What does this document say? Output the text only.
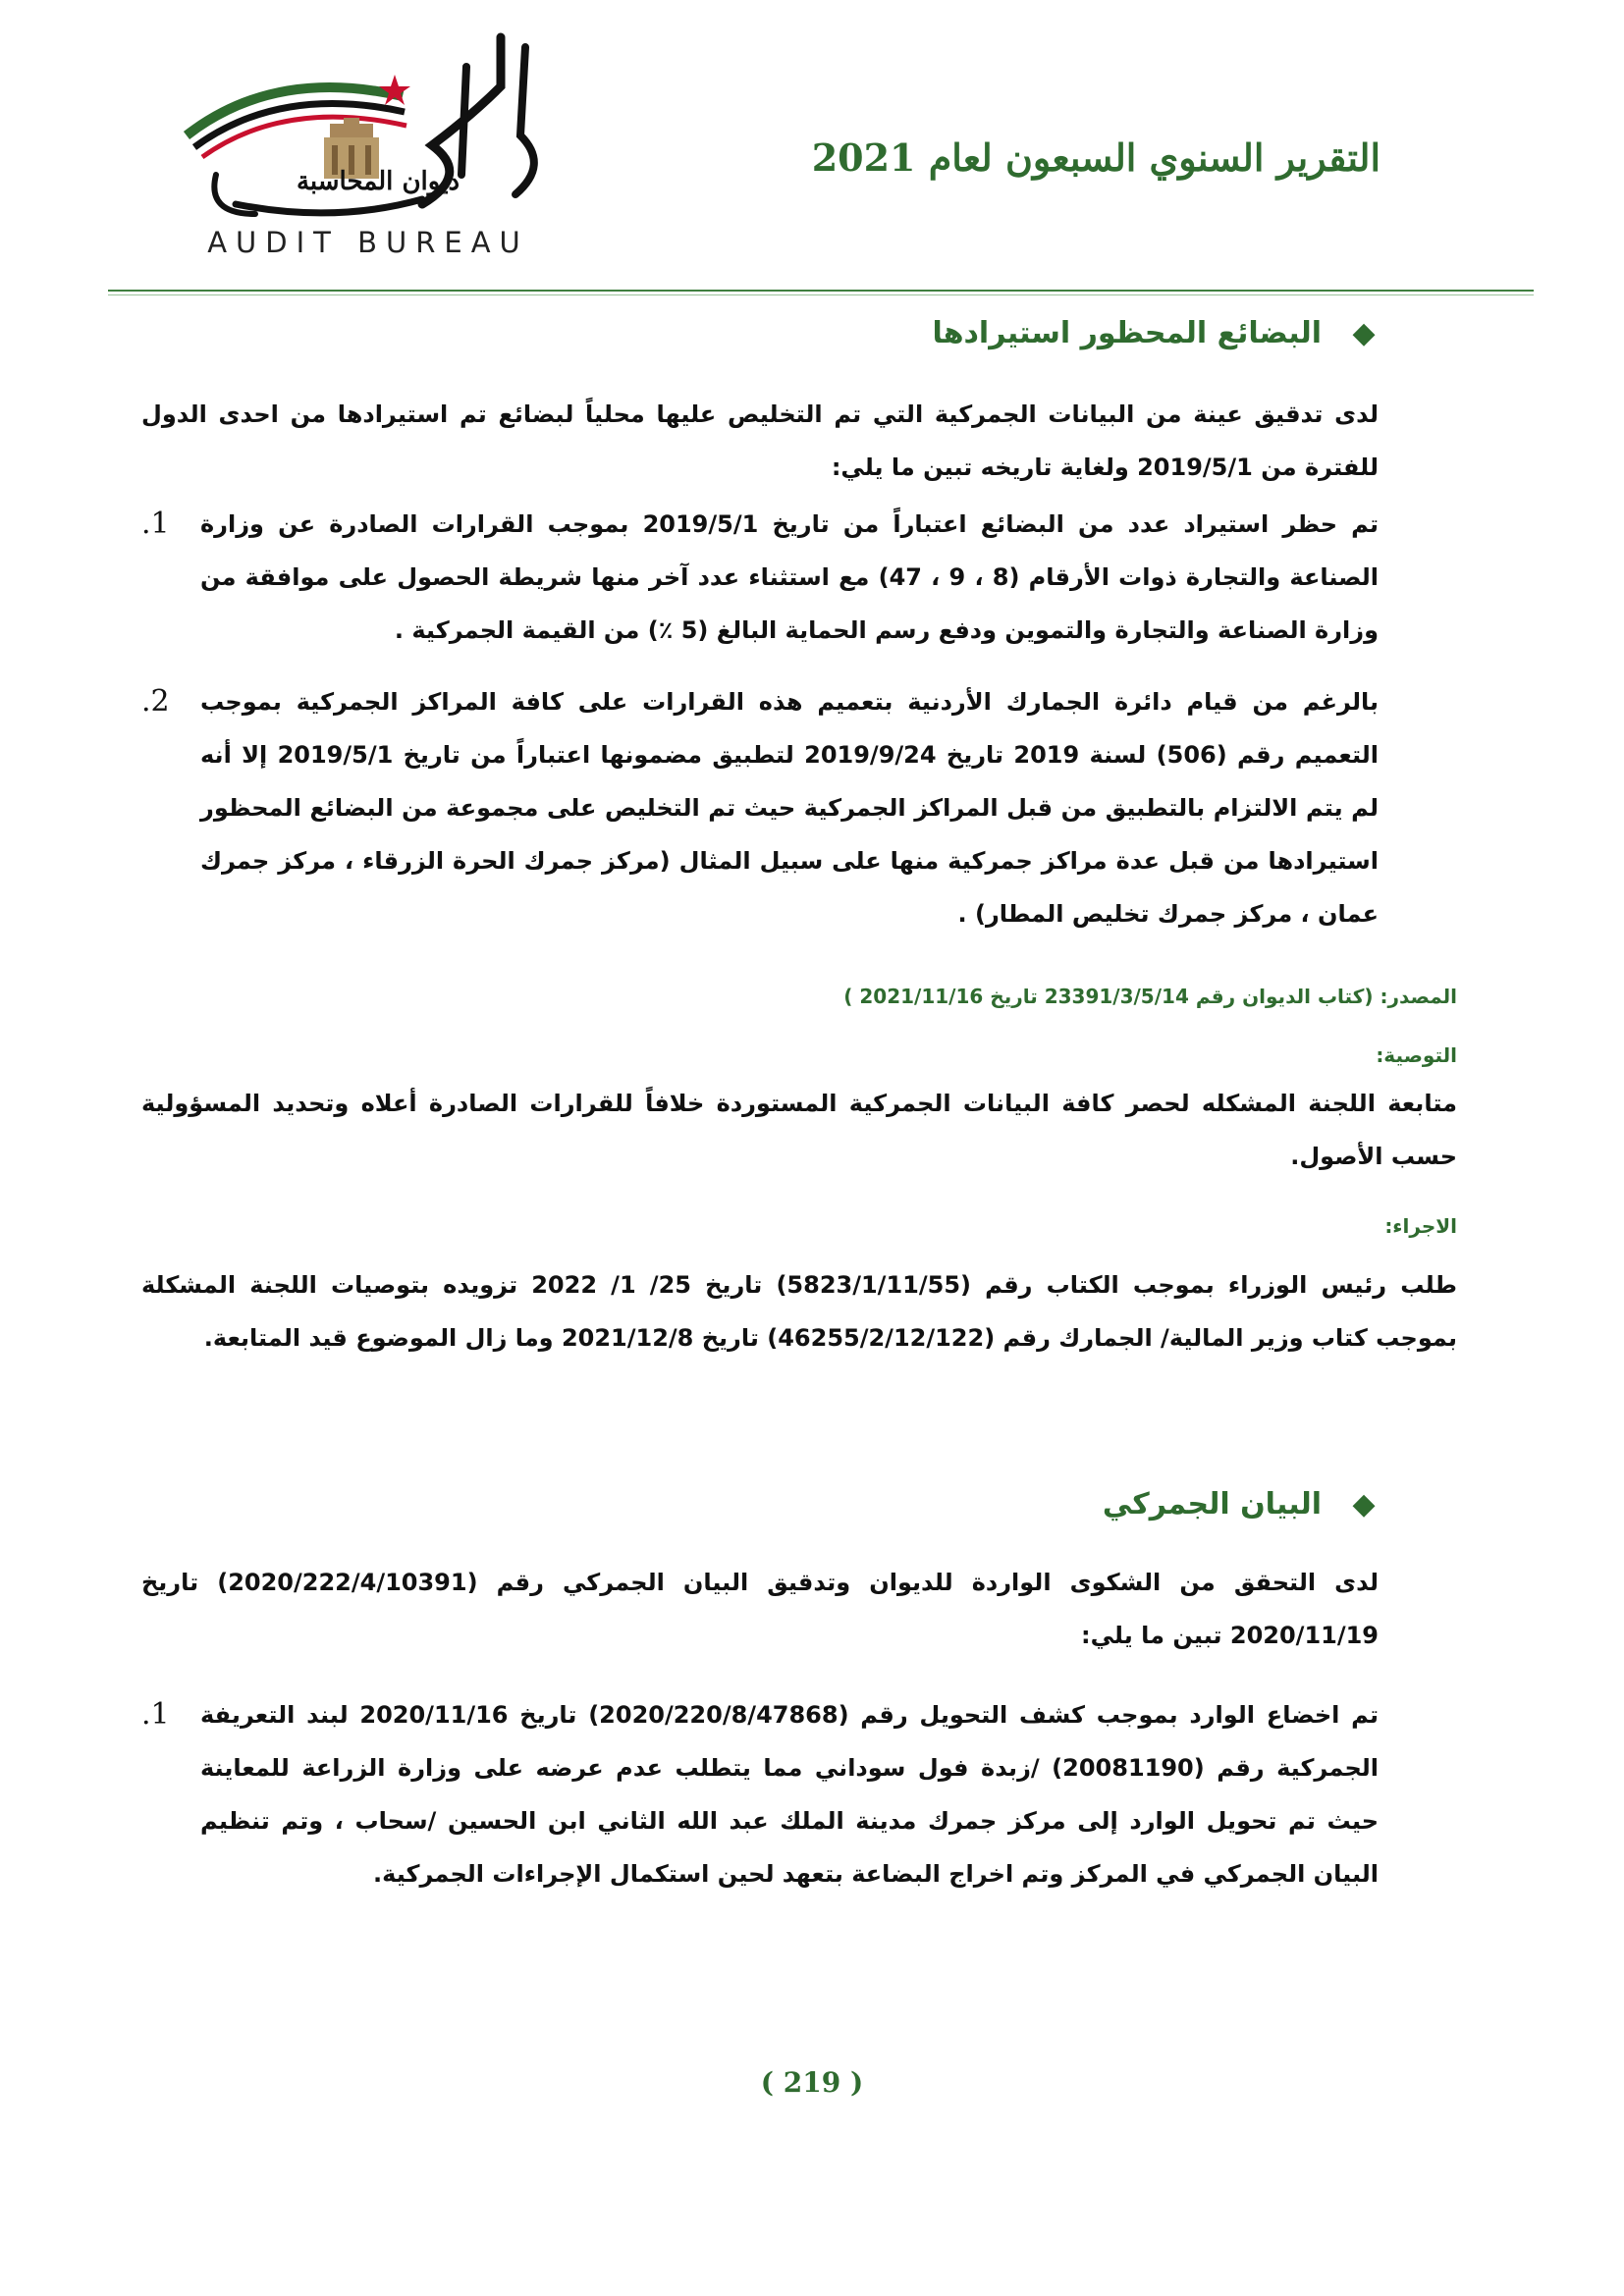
التقرير السنوي السبعون لعام 2021
ديوان المحاسبة
AUDIT BUREAU
◆
البضائع المحظور استيرادها

لدى تدقيق عينة من البيانات الجمركية التي تم التخليص عليها محلياً لبضائع تم استيرادها من احدى الدول للفترة من 2019/5/1 ولغاية تاريخه تبين ما يلي:

1.	تم حظر استيراد عدد من البضائع اعتباراً من تاريخ 2019/5/1 بموجب القرارات الصادرة عن وزارة الصناعة والتجارة ذوات الأرقام (8 ، 9 ، 47) مع استثناء عدد آخر منها شريطة الحصول على موافقة من وزارة الصناعة والتجارة والتموين ودفع رسم الحماية البالغ (5 ٪) من القيمة الجمركية .
2.	بالرغم من قيام دائرة الجمارك الأردنية بتعميم هذه القرارات على كافة المراكز الجمركية بموجب التعميم رقم (506) لسنة 2019 تاريخ 2019/9/24 لتطبيق مضمونها اعتباراً من تاريخ 2019/5/1 إلا أنه لم يتم الالتزام بالتطبيق من قبل المراكز الجمركية حيث تم التخليص على مجموعة من البضائع المحظور استيرادها من قبل عدة مراكز جمركية منها على سبيل المثال (مركز جمرك الحرة الزرقاء ، مركز جمرك عمان ، مركز جمرك تخليص المطار) .
المصدر: (كتاب الديوان رقم 23391/3/5/14 تاريخ 2021/11/16 )
التوصية:

متابعة اللجنة المشكله لحصر كافة البيانات الجمركية المستوردة خلافاً للقرارات الصادرة أعلاه وتحديد المسؤولية حسب الأصول.

الاجراء:

طلب رئيس الوزراء بموجب الكتاب رقم (5823/1/11/55) تاريخ 25/ 1/ 2022 تزويده بتوصيات اللجنة المشكلة بموجب كتاب وزير المالية/ الجمارك رقم (46255/2/12/122) تاريخ 2021/12/8 وما زال الموضوع قيد المتابعة.

◆
البيان الجمركي

لدى التحقق من الشكوى الواردة للديوان وتدقيق البيان الجمركي رقم (2020/222/4/10391) تاريخ 2020/11/19 تبين ما يلي:

1.	تم اخضاع الوارد بموجب كشف التحويل رقم (2020/220/8/47868) تاريخ 2020/11/16 لبند التعريفة الجمركية رقم (20081190) /زبدة فول سوداني مما يتطلب عدم عرضه على وزارة الزراعة للمعاينة حيث تم تحويل الوارد إلى مركز جمرك مدينة الملك عبد الله الثاني ابن الحسين /سحاب ، وتم تنظيم البيان الجمركي في المركز وتم اخراج البضاعة بتعهد لحين استكمال الإجراءات الجمركية.
( 219 )
